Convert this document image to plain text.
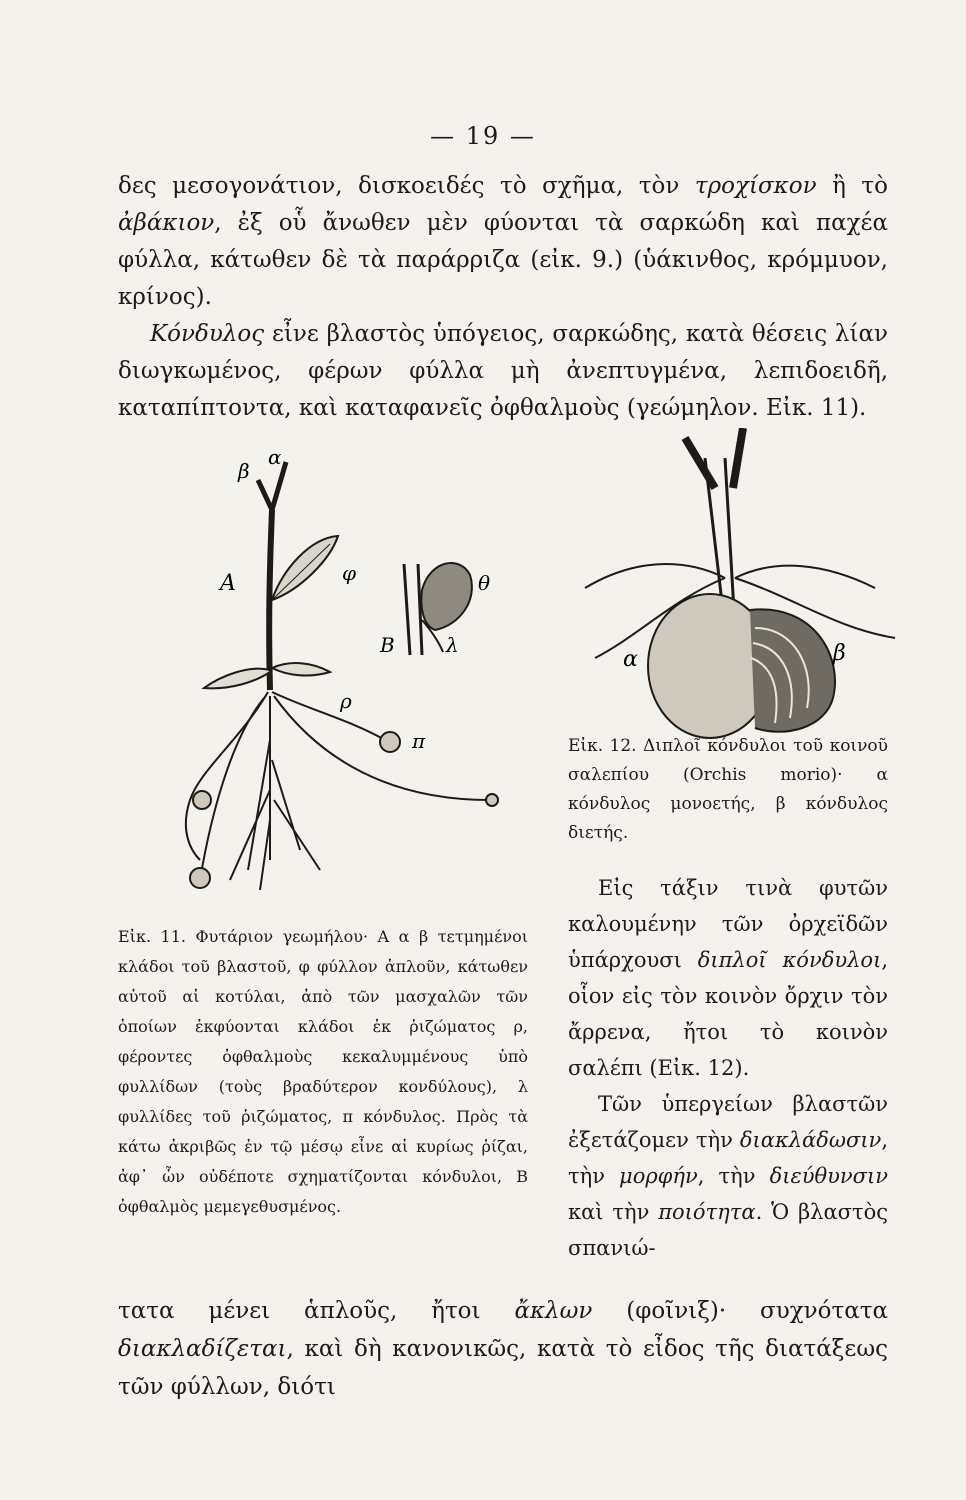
— 19 —

δες μεσογονάτιον, δισκοειδές τὸ σχῆμα, τὸν τροχίσκον ἢ τὸ ἀβάκιον, ἐξ οὗ ἄνωθεν μὲν φύονται τὰ σαρκώδη καὶ παχέα φύλλα, κάτωθεν δὲ τὰ παράρριζα (εἰκ. 9.) (ὑάκινθος, κρόμμυον, κρίνος).

Κόνδυλος εἶνε βλαστὸς ὑπόγειος, σαρκώδης, κατὰ θέσεις λίαν διωγκωμένος, φέρων φύλλα μὴ ἀνεπτυγμένα, λεπιδοειδῆ, καταπίπτοντα, καὶ καταφανεῖς ὀφθαλμοὺς (γεώμηλον. Εἰκ. 11).

β
α
Α	φ	θ
Β	λ
ρ
π
α	β
Εἰκ. 12. Διπλοῖ κόνδυλοι τοῦ κοινοῦ σαλεπίου (Orchis morio)· α κόνδυλος μονοετής, β κόνδυλος διετής.
Εἰκ. 11. Φυτάριον γεωμήλου· Α α β τετμημένοι κλάδοι τοῦ βλαστοῦ, φ φύλλον ἁπλοῦν, κάτωθεν αὐτοῦ αἱ κοτύλαι, ἀπὸ τῶν μασχαλῶν τῶν ὁποίων ἐκφύονται κλάδοι ἐκ ῥιζώματος ρ, φέροντες ὀφθαλμοὺς κεκαλυμμένους ὑπὸ φυλλίδων (τοὺς βραδύτερον κονδύλους), λ φυλλίδες τοῦ ῥιζώματος, π κόνδυλος. Πρὸς τὰ κάτω ἀκριβῶς ἐν τῷ μέσῳ εἶνε αἱ κυρίως ῥίζαι, ἀφ᾽ ὧν οὐδέποτε σχηματίζονται κόνδυλοι, Β ὀφθαλμὸς μεμεγεθυσμένος.

Εἰς τάξιν τινὰ φυτῶν καλουμένην τῶν ὀρχεϊδῶν ὑπάρχουσι διπλοῖ κόνδυλοι, οἷον εἰς τὸν κοινὸν ὄρχιν τὸν ἄρρενα, ἤτοι τὸ κοινὸν σαλέπι (Εἰκ. 12).

Τῶν ὑπεργείων βλαστῶν ἐξετάζομεν τὴν διακλάδωσιν, τὴν μορφήν, τὴν διεύθυνσιν καὶ τὴν ποιότητα. Ὁ βλαστὸς σπανιώ-

τατα μένει ἁπλοῦς, ἤτοι ἄκλων (φοῖνιξ)· συχνότατα διακλαδίζεται, καὶ δὴ κανονικῶς, κατὰ τὸ εἶδος τῆς διατάξεως τῶν φύλλων, διότι
